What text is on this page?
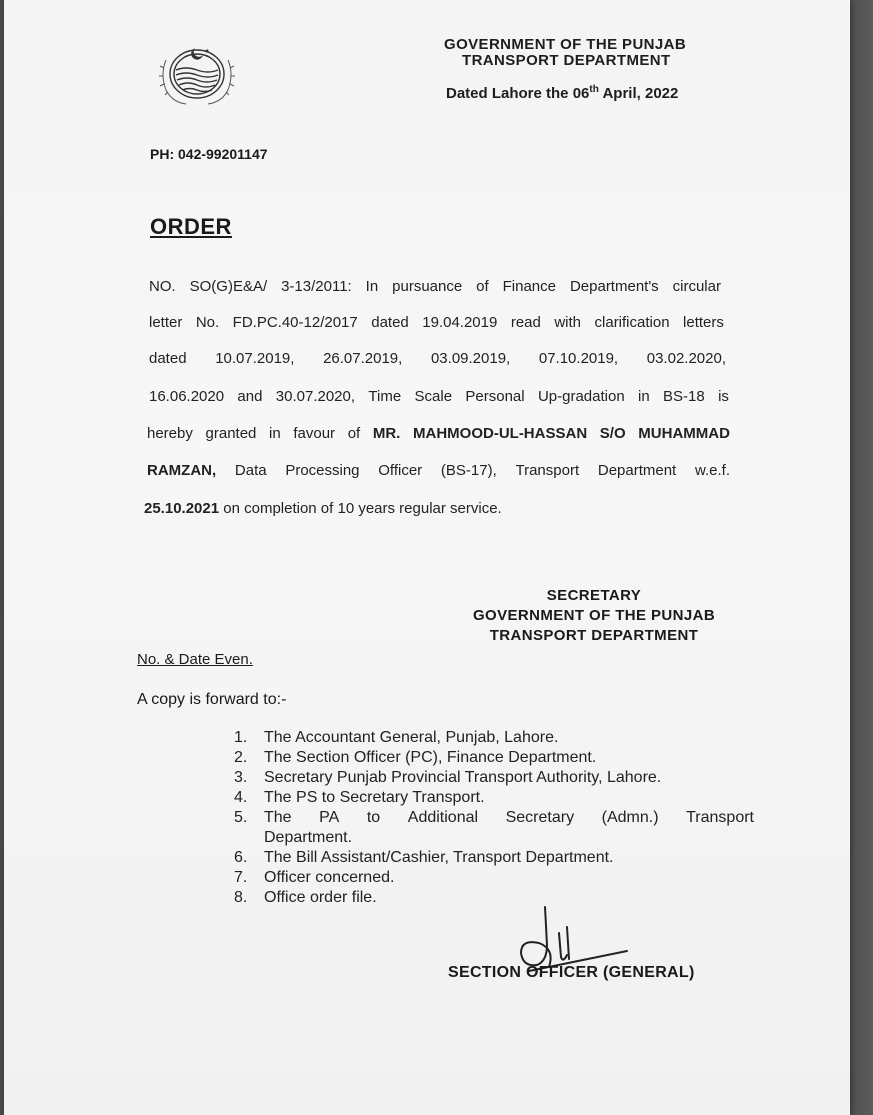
GOVERNMENT OF THE PUNJAB
TRANSPORT DEPARTMENT
Dated Lahore the 06th April, 2022
PH: 042-99201147
ORDER
NO. SO(G)E&A/ 3-13/2011: In pursuance of Finance Department's circular
letter No. FD.PC.40-12/2017 dated 19.04.2019 read with clarification letters
dated 10.07.2019, 26.07.2019, 03.09.2019, 07.10.2019, 03.02.2020,
16.06.2020 and 30.07.2020, Time Scale Personal Up-gradation in BS-18 is
hereby granted in favour of MR. MAHMOOD-UL-HASSAN S/O MUHAMMAD
RAMZAN, Data Processing Officer (BS-17), Transport Department w.e.f.
25.10.2021 on completion of 10 years regular service.
SECRETARY
GOVERNMENT OF THE PUNJAB
TRANSPORT DEPARTMENT
No. & Date Even.
A copy is forward to:-
1.	The Accountant General, Punjab, Lahore.
2.	The Section Officer (PC), Finance Department.
3.	Secretary Punjab Provincial Transport Authority, Lahore.
4.	The PS to Secretary Transport.
5.	The PA to Additional Secretary (Admn.) Transport
Department.
6.	The Bill Assistant/Cashier, Transport Department.
7.	Officer concerned.
8.	Office order file.
SECTION OFFICER (GENERAL)
